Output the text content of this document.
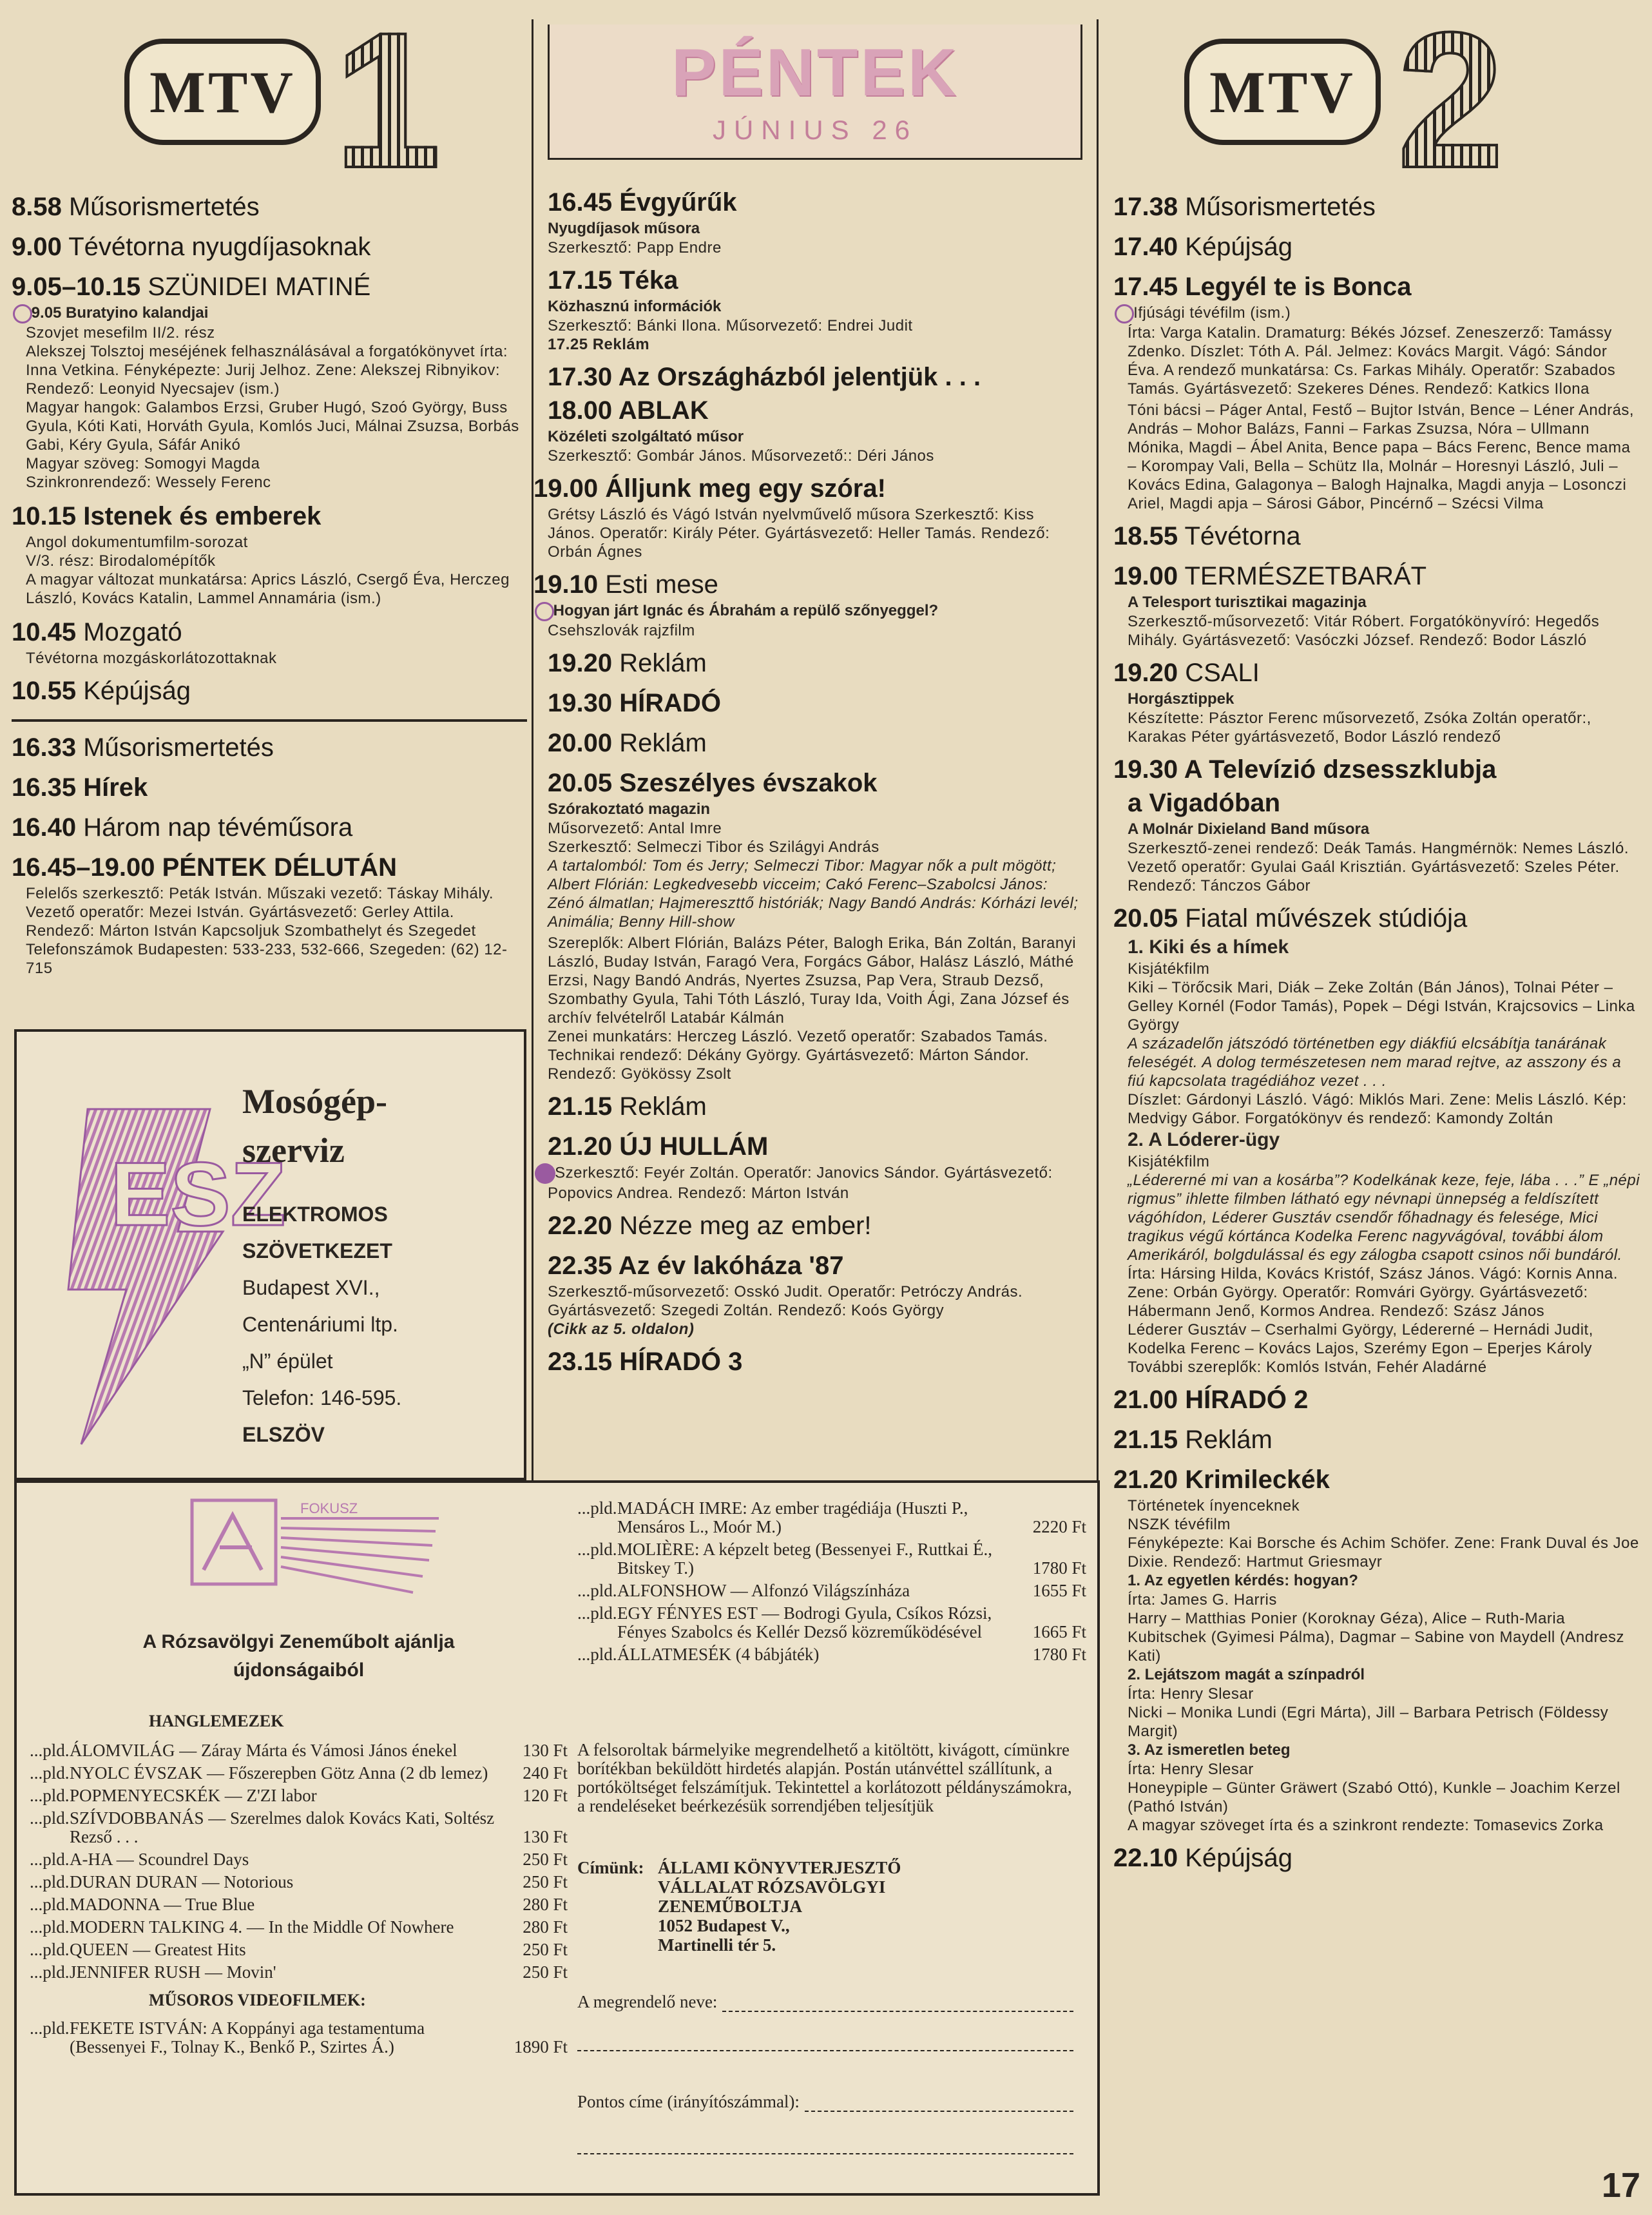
MTV 1
8.58 Műsorismertetés
9.00 Tévétorna nyugdíjasoknak
9.05–10.15 SZÜNIDEI MATINÉ
9.05 Buratyino kalandjai
Szovjet mesefilm II/2. rész
Alekszej Tolsztoj meséjének felhasználásával a forgatókönyvet írta: Inna Vetkina. Fényképezte: Jurij Jelhoz. Zene: Alekszej Ribnyikov: Rendező: Leonyid Nyecsajev (ism.)
Magyar hangok: Galambos Erzsi, Gruber Hugó, Szoó György, Buss Gyula, Kóti Kati, Horváth Gyula, Komlós Juci, Málnai Zsuzsa, Borbás Gabi, Kéry Gyula, Sáfár Anikó
Magyar szöveg: Somogyi Magda
Szinkronrendező: Wessely Ferenc
10.15 Istenek és emberek
Angol dokumentumfilm-sorozat
V/3. rész: Birodalomépítők
A magyar változat munkatársa: Aprics László, Csergő Éva, Herczeg László, Kovács Katalin, Lammel Annamária (ism.)
10.45 Mozgató
Tévétorna mozgáskorlátozottaknak
10.55 Képújság
16.33 Műsorismertetés
16.35 Hírek
16.40 Három nap tévéműsora
16.45–19.00 PÉNTEK DÉLUTÁN
Felelős szerkesztő: Peták István. Műszaki vezető: Táskay Mihály. Vezető operatőr: Mezei István. Gyártásvezető: Gerley Attila. Rendező: Márton István Kapcsoljuk Szombathelyt és Szegedet Telefonszámok Budapesten: 533-233, 532-666, Szegeden: (62) 12-715
ESZ
Mosógép-
szerviz
ELEKTROMOS
SZÖVETKEZET
Budapest XVI.,
Centenáriumi ltp.
„N” épület
Telefon: 146-595.
ELSZÖV
PÉNTEK
JÚNIUS 26
16.45 Évgyűrűk
Nyugdíjasok műsora
Szerkesztő: Papp Endre
17.15 Téka
Közhasznú információk
Szerkesztő: Bánki Ilona. Műsorvezető: Endrei Judit
17.25 Reklám
17.30 Az Országházból jelentjük . . .
18.00 ABLAK
Közéleti szolgáltató műsor
Szerkesztő: Gombár János. Műsorvezető:: Déri János
19.00 Álljunk meg egy szóra!
Grétsy László és Vágó István nyelvművelő műsora Szerkesztő: Kiss János. Operatőr: Király Péter. Gyártásvezető: Heller Tamás. Rendező: Orbán Ágnes
19.10 Esti mese
Hogyan járt Ignác és Ábrahám a repülő szőnyeggel?
Csehszlovák rajzfilm
19.20 Reklám
19.30 HÍRADÓ
20.00 Reklám
20.05 Szeszélyes évszakok
Szórakoztató magazin
Műsorvezető: Antal Imre
Szerkesztő: Selmeczi Tibor és Szilágyi András
A tartalomból: Tom és Jerry; Selmeczi Tibor: Magyar nők a pult mögött; Albert Flórián: Legkedvesebb vicceim; Cakó Ferenc–Szabolcsi János: Zénó álmatlan; Hajmereszttő históriák; Nagy Bandó András: Kórházi levél; Animália; Benny Hill-show
Szereplők: Albert Flórián, Balázs Péter, Balogh Erika, Bán Zoltán, Baranyi László, Buday István, Faragó Vera, Forgács Gábor, Halász László, Máthé Erzsi, Nagy Bandó András, Nyertes Zsuzsa, Pap Vera, Straub Dezső, Szombathy Gyula, Tahi Tóth László, Turay Ida, Voith Ági, Zana József és archív felvételről Latabár Kálmán
Zenei munkatárs: Herczeg László. Vezető operatőr: Szabados Tamás. Technikai rendező: Dékány György. Gyártásvezető: Márton Sándor. Rendező: Gyökössy Zsolt
21.15 Reklám
21.20 ÚJ HULLÁM
Szerkesztő: Feyér Zoltán. Operatőr: Janovics Sándor. Gyártásvezető: Popovics Andrea. Rendező: Márton István
22.20 Nézze meg az ember!
22.35 Az év lakóháza '87
Szerkesztő-műsorvezető: Osskó Judit. Operatőr: Petróczy András. Gyártásvezető: Szegedi Zoltán. Rendező: Koós György
(Cikk az 5. oldalon)
23.15 HÍRADÓ 3
MTV 2
17.38 Műsorismertetés
17.40 Képújság
17.45 Legyél te is Bonca
Ifjúsági tévéfilm (ism.)
Írta: Varga Katalin. Dramaturg: Békés József. Zeneszerző: Tamássy Zdenko. Díszlet: Tóth A. Pál. Jelmez: Kovács Margit. Vágó: Sándor Éva. A rendező munkatársa: Cs. Farkas Mihály. Operatőr: Szabados Tamás. Gyártásvezető: Szekeres Dénes. Rendező: Katkics Ilona
Tóni bácsi – Páger Antal, Festő – Bujtor István, Bence – Léner András, András – Mohor Balázs, Fanni – Farkas Zsuzsa, Nóra – Ullmann Mónika, Magdi – Ábel Anita, Bence papa – Bács Ferenc, Bence mama – Korompay Vali, Bella – Schütz Ila, Molnár – Horesnyi László, Juli – Kovács Edina, Galagonya – Balogh Hajnalka, Magdi anyja – Losonczi Ariel, Magdi apja – Sárosi Gábor, Pincérnő – Szécsi Vilma
18.55 Tévétorna
19.00 TERMÉSZETBARÁT
A Telesport turisztikai magazinja
Szerkesztő-műsorvezető: Vitár Róbert. Forgatókönyvíró: Hegedős Mihály. Gyártásvezető: Vasóczki József. Rendező: Bodor László
19.20 CSALI
Horgásztippek
Készítette: Pásztor Ferenc műsorvezető, Zsóka Zoltán operatőr:, Karakas Péter gyártásvezető, Bodor László rendező
19.30 A Televízió dzsesszklubja
a Vigadóban
A Molnár Dixieland Band műsora
Szerkesztő-zenei rendező: Deák Tamás. Hangmérnök: Nemes László. Vezető operatőr: Gyulai Gaál Krisztián. Gyártásvezető: Szeles Péter. Rendező: Tánczos Gábor
20.05 Fiatal művészek stúdiója
1. Kiki és a hímek
Kisjátékfilm
Kiki – Törőcsik Mari, Diák – Zeke Zoltán (Bán János), Tolnai Péter – Gelley Kornél (Fodor Tamás), Popek – Dégi István, Krajcsovics – Linka György
A századelőn játszódó történetben egy diákfiú elcsábítja tanárának feleségét. A dolog természetesen nem marad rejtve, az asszony és a fiú kapcsolata tragédiához vezet . . .
Díszlet: Gárdonyi László. Vágó: Miklós Mari. Zene: Melis László. Kép: Medvigy Gábor. Forgatókönyv és rendező: Kamondy Zoltán
2. A Lóderer-ügy
Kisjátékfilm
„Lédererné mi van a kosárba”? Kodelkának keze, feje, lába . . .” E „népi rigmus” ihlette filmben látható egy névnapi ünnepség a feldíszített vágóhídon, Léderer Gusztáv csendőr főhadnagy és felesége, Mici tragikus végű kórtánca Kodelka Ferenc nagyvágóval, további álom Amerikáról, bolgdulással és egy zálogba csapott csinos női bundáról.
Írta: Hársing Hilda, Kovács Kristóf, Szász János. Vágó: Kornis Anna. Zene: Orbán György. Operatőr: Romvári György. Gyártásvezető: Hábermann Jenő, Kormos Andrea. Rendező: Szász János
Léderer Gusztáv – Cserhalmi György, Lédererné – Hernádi Judit, Kodelka Ferenc – Kovács Lajos, Szerémy Egon – Eperjes Károly
További szereplők: Komlós István, Fehér Aladárné
21.00 HÍRADÓ 2
21.15 Reklám
21.20 Krimileckék
Történetek ínyenceknek
NSZK tévéfilm
Fényképezte: Kai Borsche és Achim Schöfer. Zene: Frank Duval és Joe Dixie. Rendező: Hartmut Griesmayr
1. Az egyetlen kérdés: hogyan?
Írta: James G. Harris
Harry – Matthias Ponier (Koroknay Géza), Alice – Ruth-Maria Kubitschek (Gyimesi Pálma), Dagmar – Sabine von Maydell (Andresz Kati)
2. Lejátszom magát a színpadról
Írta: Henry Slesar
Nicki – Monika Lundi (Egri Márta), Jill – Barbara Petrisch (Földessy Margit)
3. Az ismeretlen beteg
Írta: Henry Slesar
Honeypiple – Günter Gräwert (Szabó Ottó), Kunkle – Joachim Kerzel (Pathó István)
A magyar szöveget írta és a szinkront rendezte: Tomasevics Zorka
22.10 Képújság
FOKUSZ
A Rózsavölgyi Zeneműbolt ajánlja
újdonságaiból
HANGLEMEZEK
...pld. ÁLOMVILÁG — Záray Márta és Vámosi János énekel	130 Ft
...pld. NYOLC ÉVSZAK — Főszerepben Götz Anna (2 db lemez)	240 Ft
...pld. POPMENYECSKÉK — Z'ZI labor	120 Ft
...pld. SZÍVDOBBANÁS — Szerelmes dalok Kovács Kati, Soltész Rezső . . .	130 Ft
...pld. A-HA — Scoundrel Days	250 Ft
...pld. DURAN DURAN — Notorious	250 Ft
...pld. MADONNA — True Blue	280 Ft
...pld. MODERN TALKING 4. — In the Middle Of Nowhere	280 Ft
...pld. QUEEN — Greatest Hits	250 Ft
...pld. JENNIFER RUSH — Movin'	250 Ft
MŰSOROS VIDEOFILMEK:
...pld. FEKETE ISTVÁN: A Koppányi aga testamentuma (Bessenyei F., Tolnay K., Benkő P., Szirtes Á.)	1890 Ft
...pld. MADÁCH IMRE: Az ember tragédiája (Huszti P., Mensáros L., Moór M.)	2220 Ft
...pld. MOLIÈRE: A képzelt beteg (Bessenyei F., Ruttkai É., Bitskey T.)	1780 Ft
...pld. ALFONSHOW — Alfonzó Világszínháza	1655 Ft
...pld. EGY FÉNYES EST — Bodrogi Gyula, Csíkos Rózsi, Fényes Szabolcs és Kellér Dezső közreműködésével	1665 Ft
...pld. ÁLLATMESÉK (4 bábjáték)	1780 Ft
A felsoroltak bármelyike megrendelhető a kitöltött, kivágott, címünkre borítékban beküldött hirdetés alapján. Postán utánvéttel szállítunk, a portóköltséget felszámítjuk. Tekintettel a korlátozott példányszámokra, a rendeléseket beérkezésük sorrendjében teljesítjük
Címünk: ÁLLAMI KÖNYVTERJESZTŐ
VÁLLALAT RÓZSAVÖLGYI
ZENEMŰBOLTJA
1052 Budapest V.,
Martinelli tér 5.
A megrendelő neve:
Pontos címe (irányítószámmal):
17
